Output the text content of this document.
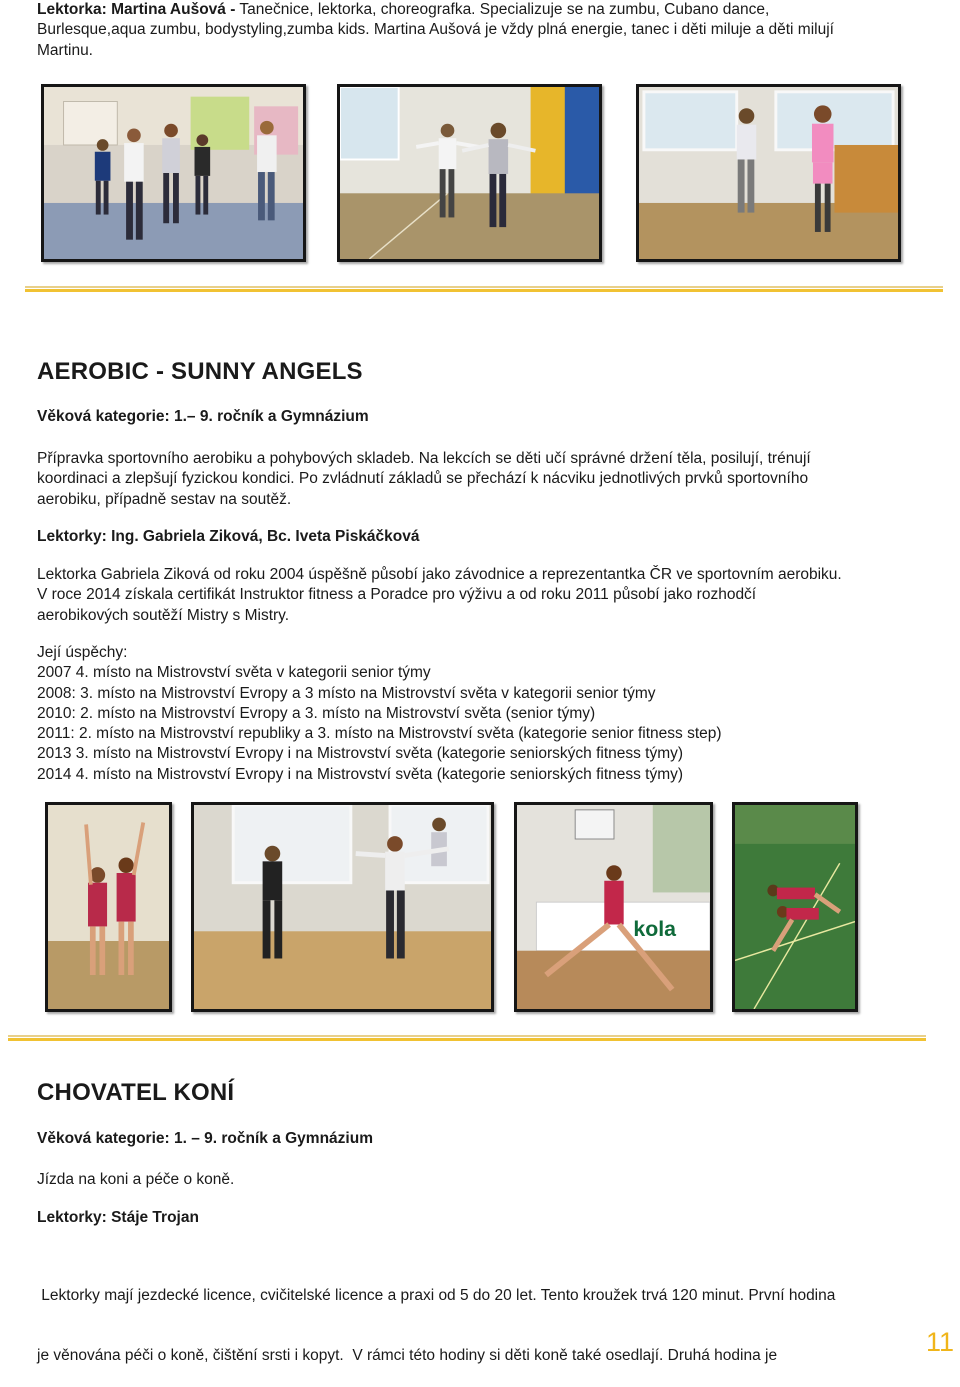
Lektorka: Martina Aušová - Tanečnice, lektorka, choreografka. Specializuje se na zumbu, Cubano dance,
Burlesque,aqua zumbu, bodystyling,zumba kids. Martina Aušová je vždy plná energie, tanec i děti miluje a děti milují
Martinu.
AEROBIC - SUNNY ANGELS
Věková kategorie: 1.– 9. ročník a Gymnázium
Přípravka sportovního aerobiku a pohybových skladeb. Na lekcích se děti učí správné držení těla, posilují, trénují
koordinaci a zlepšují fyzickou kondici. Po zvládnutí základů se přechází k nácviku jednotlivých prvků sportovního
aerobiku, případně sestav na soutěž.
Lektorky: Ing. Gabriela Ziková, Bc. Iveta Piskáčková
Lektorka Gabriela Ziková od roku 2004 úspěšně působí jako závodnice a reprezentantka ČR ve sportovním aerobiku.
V roce 2014 získala certifikát Instruktor fitness a Poradce pro výživu a od roku 2011 působí jako rozhodčí
aerobikových soutěží Mistry s Mistry.
Její úspěchy:
2007 4. místo na Mistrovství světa v kategorii senior týmy
2008: 3. místo na Mistrovství Evropy a 3 místo na Mistrovství světa v kategorii senior týmy
2010: 2. místo na Mistrovství Evropy a 3. místo na Mistrovství světa (senior týmy)
2011: 2. místo na Mistrovství republiky a 3. místo na Mistrovství světa (kategorie senior fitness step)
2013 3. místo na Mistrovství Evropy i na Mistrovství světa (kategorie seniorských fitness týmy)
2014 4. místo na Mistrovství Evropy i na Mistrovství světa (kategorie seniorských fitness týmy)
kola
CHOVATEL KONÍ
Věková kategorie: 1. – 9. ročník a Gymnázium
Jízda na koni a péče o koně.
Lektorky: Stáje Trojan

Lektorky mají jezdecké licence, cvičitelské licence a praxi od 5 do 20 let. Tento kroužek trvá 120 minut. První hodina

je věnována péči o koně, čištění srsti i kopyt.  V rámci této hodiny si děti koně také osedlají. Druhá hodina je	11
